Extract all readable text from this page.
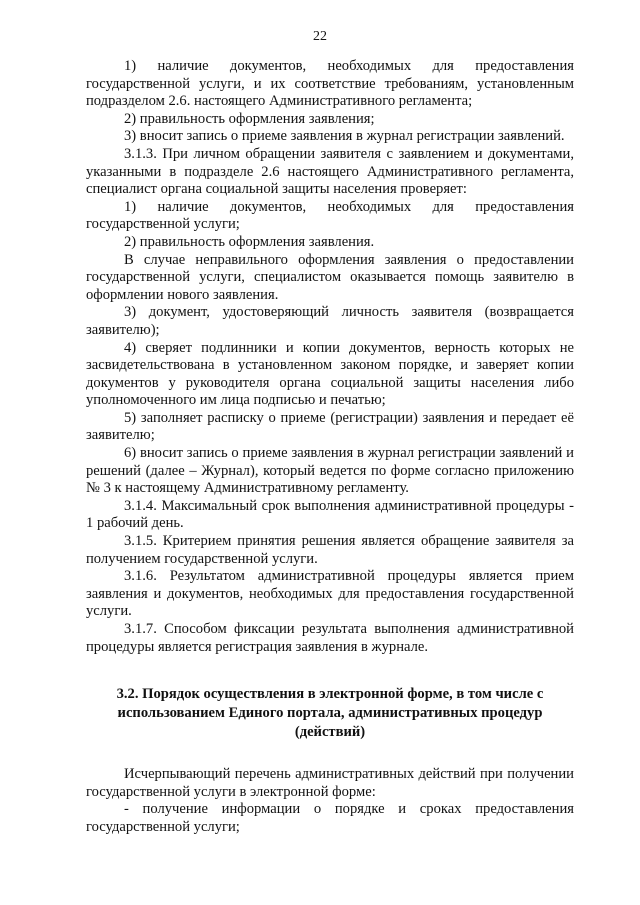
22

1) наличие документов, необходимых для предоставления государственной услуги, и их соответствие требованиям, установленным подразделом 2.6. настоящего Административного регламента;

2) правильность оформления заявления;

3) вносит запись о приеме заявления в журнал регистрации заявлений.

3.1.3. При личном обращении заявителя с заявлением и документами, указанными в подразделе 2.6 настоящего Административного регламента, специалист органа социальной защиты населения проверяет:

1) наличие документов, необходимых для предоставления государственной услуги;

2) правильность оформления заявления.

В случае неправильного оформления заявления о предоставлении государственной услуги, специалистом оказывается помощь заявителю в оформлении нового заявления.

3) документ, удостоверяющий личность заявителя (возвращается заявителю);

4) сверяет подлинники и копии документов, верность которых не засвидетельствована в установленном законом порядке, и заверяет копии документов у руководителя органа социальной защиты населения либо уполномоченного им лица подписью и печатью;

5) заполняет расписку о приеме (регистрации) заявления и передает её заявителю;

6) вносит запись о приеме заявления в журнал регистрации заявлений и решений (далее – Журнал), который ведется по форме согласно приложению № 3 к настоящему Административному регламенту.

3.1.4. Максимальный срок выполнения административной процедуры - 1 рабочий день.

3.1.5. Критерием принятия решения является обращение заявителя за получением государственной услуги.

3.1.6. Результатом административной процедуры является прием заявления и документов, необходимых для предоставления государственной услуги.

3.1.7. Способом фиксации результата выполнения административной процедуры является регистрация заявления в журнале.

3.2. Порядок осуществления в электронной форме, в том числе с использованием Единого портала, административных процедур (действий)

Исчерпывающий перечень административных действий при получении государственной услуги в электронной форме:

- получение информации о порядке и сроках предоставления государственной услуги;
